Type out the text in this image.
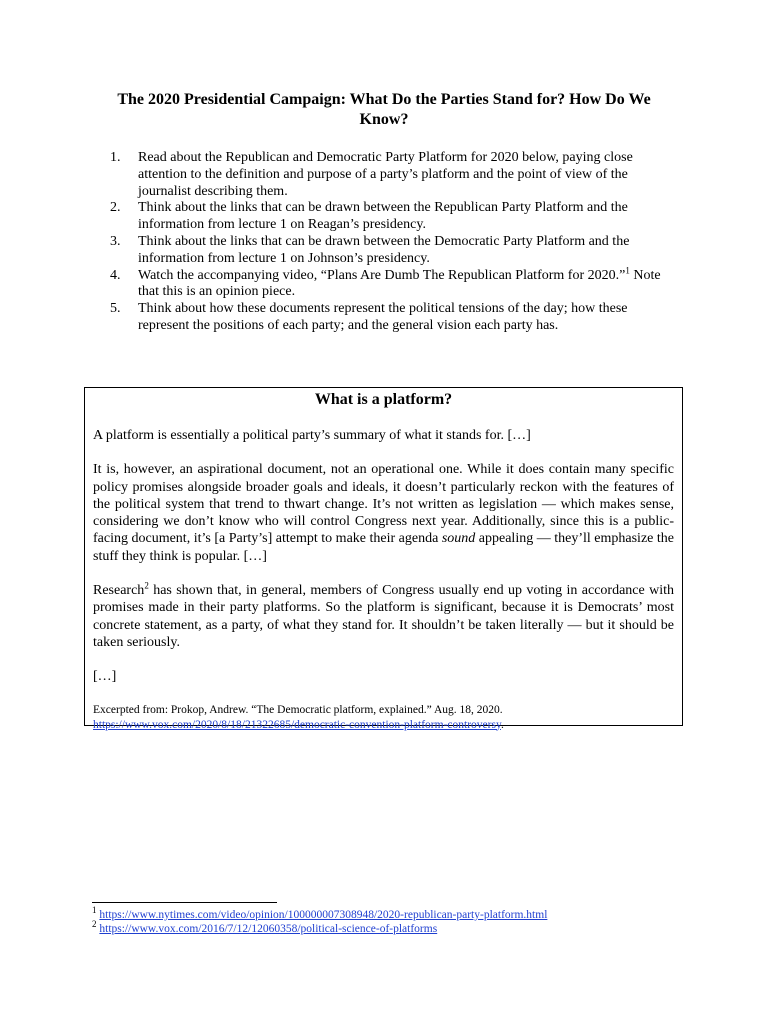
The 2020 Presidential Campaign: What Do the Parties Stand for? How Do We Know?
1. Read about the Republican and Democratic Party Platform for 2020 below, paying close attention to the definition and purpose of a party’s platform and the point of view of the journalist describing them.
2. Think about the links that can be drawn between the Republican Party Platform and the information from lecture 1 on Reagan’s presidency.
3. Think about the links that can be drawn between the Democratic Party Platform and the information from lecture 1 on Johnson’s presidency.
4. Watch the accompanying video, “Plans Are Dumb The Republican Platform for 2020.”$^1$ Note that this is an opinion piece.
5. Think about how these documents represent the political tensions of the day; how these represent the positions of each party; and the general vision each party has.
What is a platform?

A platform is essentially a political party’s summary of what it stands for. […]

It is, however, an aspirational document, not an operational one. While it does contain many specific policy promises alongside broader goals and ideals, it doesn’t particularly reckon with the features of the political system that trend to thwart change. It’s not written as legislation — which makes sense, considering we don’t know who will control Congress next year. Additionally, since this is a public-facing document, it’s [a Party’s] attempt to make their agenda sound appealing — they’ll emphasize the stuff they think is popular. […]

Research$^2$ has shown that, in general, members of Congress usually end up voting in accordance with promises made in their party platforms. So the platform is significant, because it is Democrats’ most concrete statement, as a party, of what they stand for. It shouldn’t be taken literally — but it should be taken seriously.

[…]

Excerpted from: Prokop, Andrew. “The Democratic platform, explained.” Aug. 18, 2020.
https://www.vox.com/2020/8/18/21322685/democratic-convention-platform-controversy.
$^1$ https://www.nytimes.com/video/opinion/100000007308948/2020-republican-party-platform.html
$^2$ https://www.vox.com/2016/7/12/12060358/political-science-of-platforms
